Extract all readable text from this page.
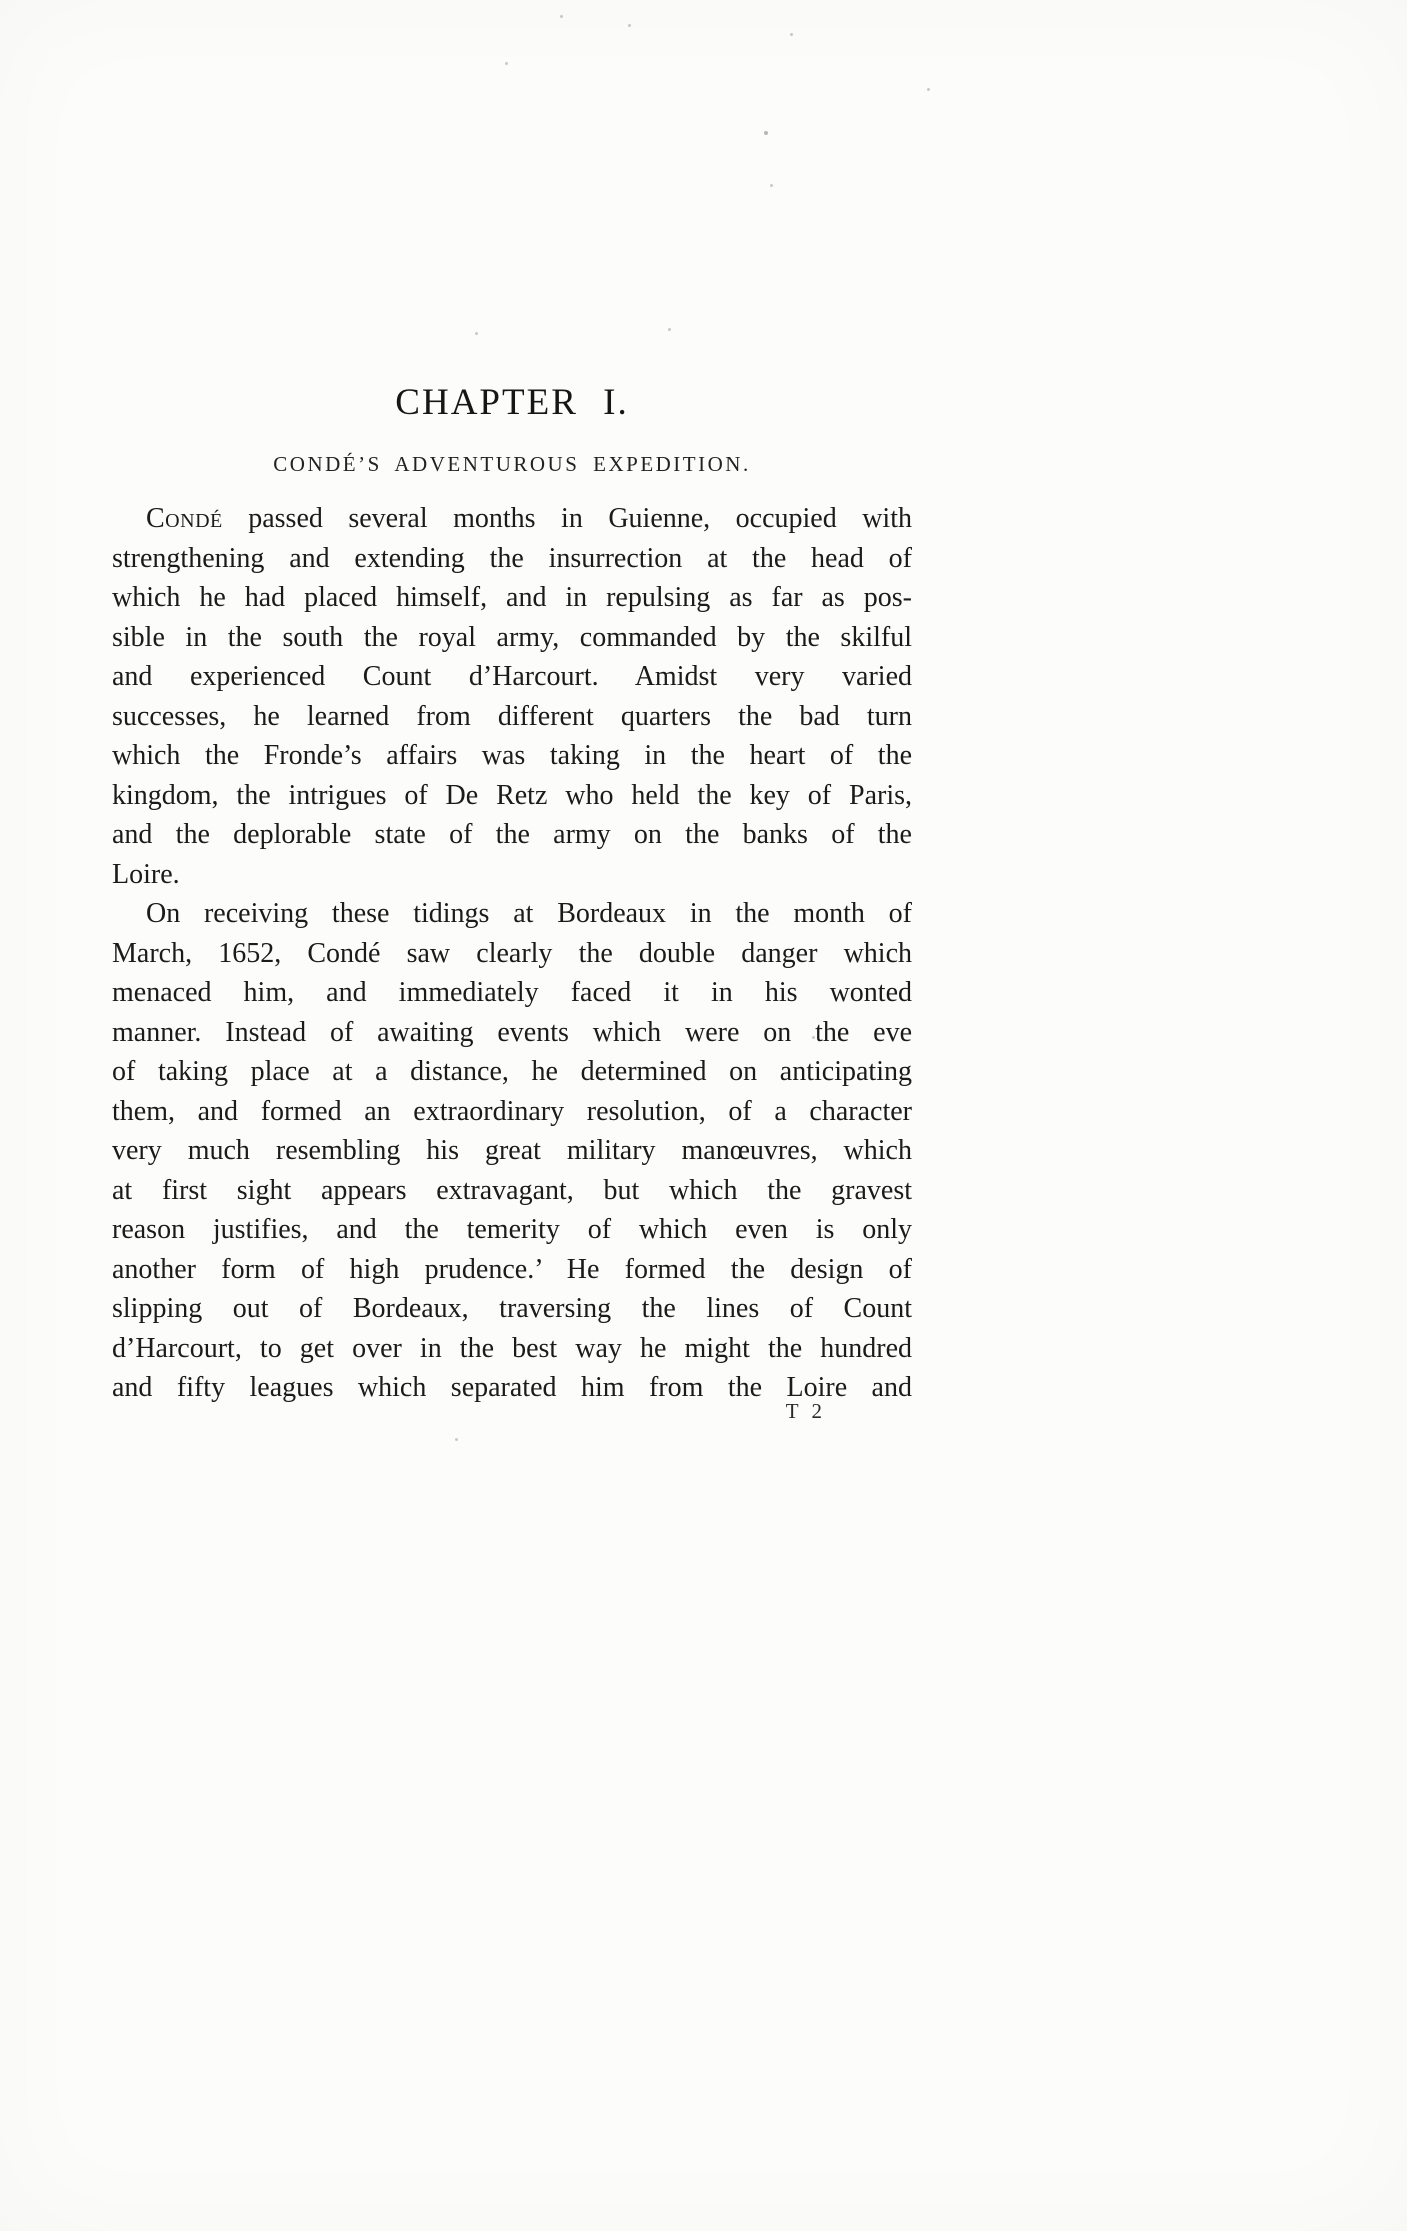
CHAPTER I.
CONDÉ’S ADVENTUROUS EXPEDITION.
Condé passed several months in Guienne, occupied with
strengthening and extending the insurrection at the head of
which he had placed himself, and in repulsing as far as pos-
sible in the south the royal army, commanded by the skilful
and experienced Count d’Harcourt. Amidst very varied
successes, he learned from different quarters the bad turn
which the Fronde’s affairs was taking in the heart of the
kingdom, the intrigues of De Retz who held the key of Paris,
and the deplorable state of the army on the banks of the
Loire.
On receiving these tidings at Bordeaux in the month of
March, 1652, Condé saw clearly the double danger which
menaced him, and immediately faced it in his wonted
manner. Instead of awaiting events which were on the eve
of taking place at a distance, he determined on anticipating
them, and formed an extraordinary resolution, of a character
very much resembling his great military manœuvres, which
at first sight appears extravagant, but which the gravest
reason justifies, and the temerity of which even is only
another form of high prudence.’ He formed the design of
slipping out of Bordeaux, traversing the lines of Count
d’Harcourt, to get over in the best way he might the hundred
and fifty leagues which separated him from the Loire and
T 2
